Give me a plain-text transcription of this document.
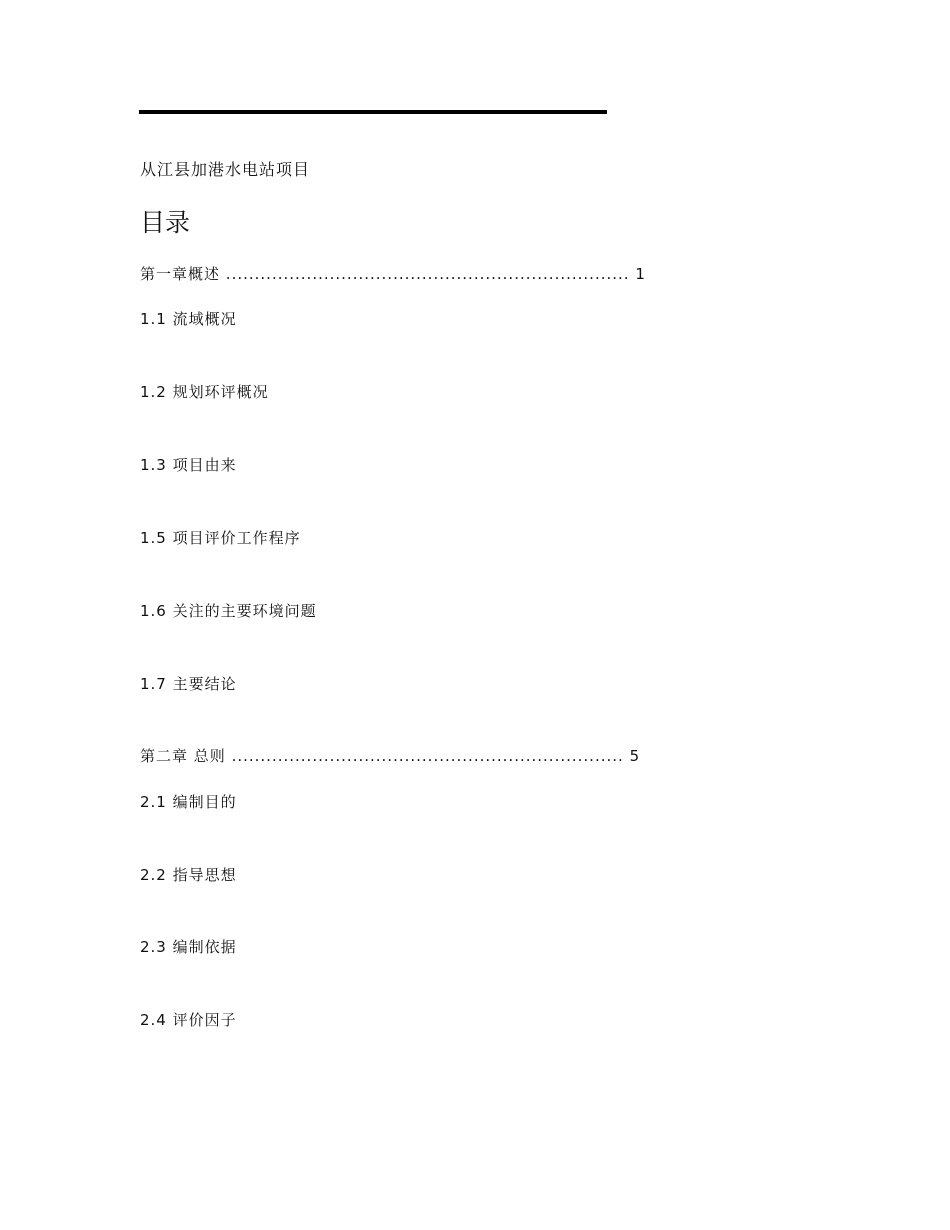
从江县加港水电站项目
目录
第一章概述 ...................................................................... 1
1.1 流域概况
1.2 规划环评概况
1.3 项目由来
1.5 项目评价工作程序
1.6 关注的主要环境问题
1.7 主要结论
第二章 总则 .................................................................... 5
2.1 编制目的
2.2 指导思想
2.3 编制依据
2.4 评价因子
